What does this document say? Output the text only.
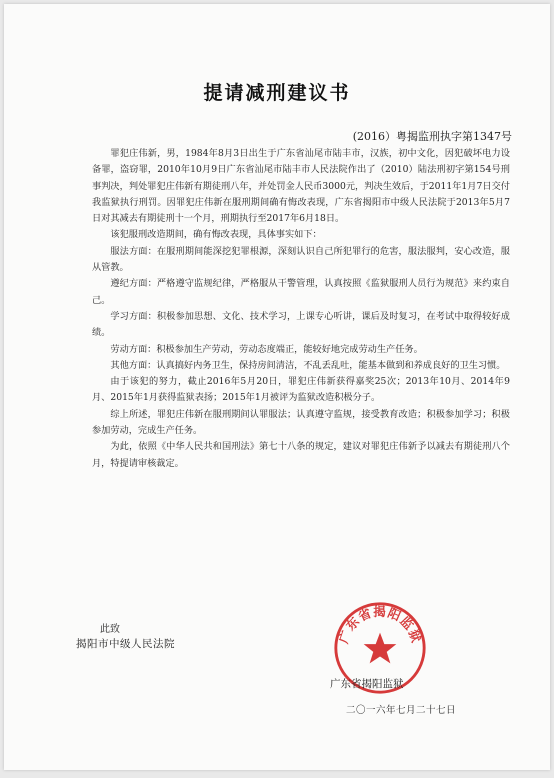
提请减刑建议书
(2016）粤揭监刑执字第1347号

罪犯庄伟新，男，1984年8月3日出生于广东省汕尾市陆丰市，汉族，初中文化，因犯破坏电力设备罪，盗窃罪，2010年10月9日广东省汕尾市陆丰市人民法院作出了（2010）陆法刑初字第154号刑事判决，判处罪犯庄伟新有期徒刑八年，并处罚金人民币3000元，判决生效后，于2011年1月7日交付我监狱执行刑罚。因罪犯庄伟新在服刑期间确有悔改表现，广东省揭阳市中级人民法院于2013年5月7日对其减去有期徒刑十一个月，刑期执行至2017年6月18日。

该犯服刑改造期间，确有悔改表现，具体事实如下：

服法方面：在服刑期间能深挖犯罪根源，深刻认识自己所犯罪行的危害，服法服判，安心改造，服从管教。

遵纪方面：严格遵守监规纪律，严格服从干警管理，认真按照《监狱服刑人员行为规范》来约束自己。

学习方面：积极参加思想、文化、技术学习，上课专心听讲，课后及时复习，在考试中取得较好成绩。

劳动方面：积极参加生产劳动，劳动态度端正，能较好地完成劳动生产任务。

其他方面：认真搞好内务卫生，保持房间清洁，不乱丢乱吐，能基本做到和养成良好的卫生习惯。

由于该犯的努力，截止2016年5月20日，罪犯庄伟新获得嘉奖25次；2013年10月、2014年9月、2015年1月获得监狱表扬；2015年1月被评为监狱改造积极分子。

综上所述，罪犯庄伟新在服刑期间认罪服法；认真遵守监规，接受教育改造；积极参加学习；积极参加劳动，完成生产任务。

为此，依照《中华人民共和国刑法》第七十八条的规定，建议对罪犯庄伟新予以减去有期徒刑八个月，特提请审核裁定。

此致
揭阳市中级人民法院	广东省揭阳监狱
广东省揭阳监狱
二〇一六年七月二十七日
